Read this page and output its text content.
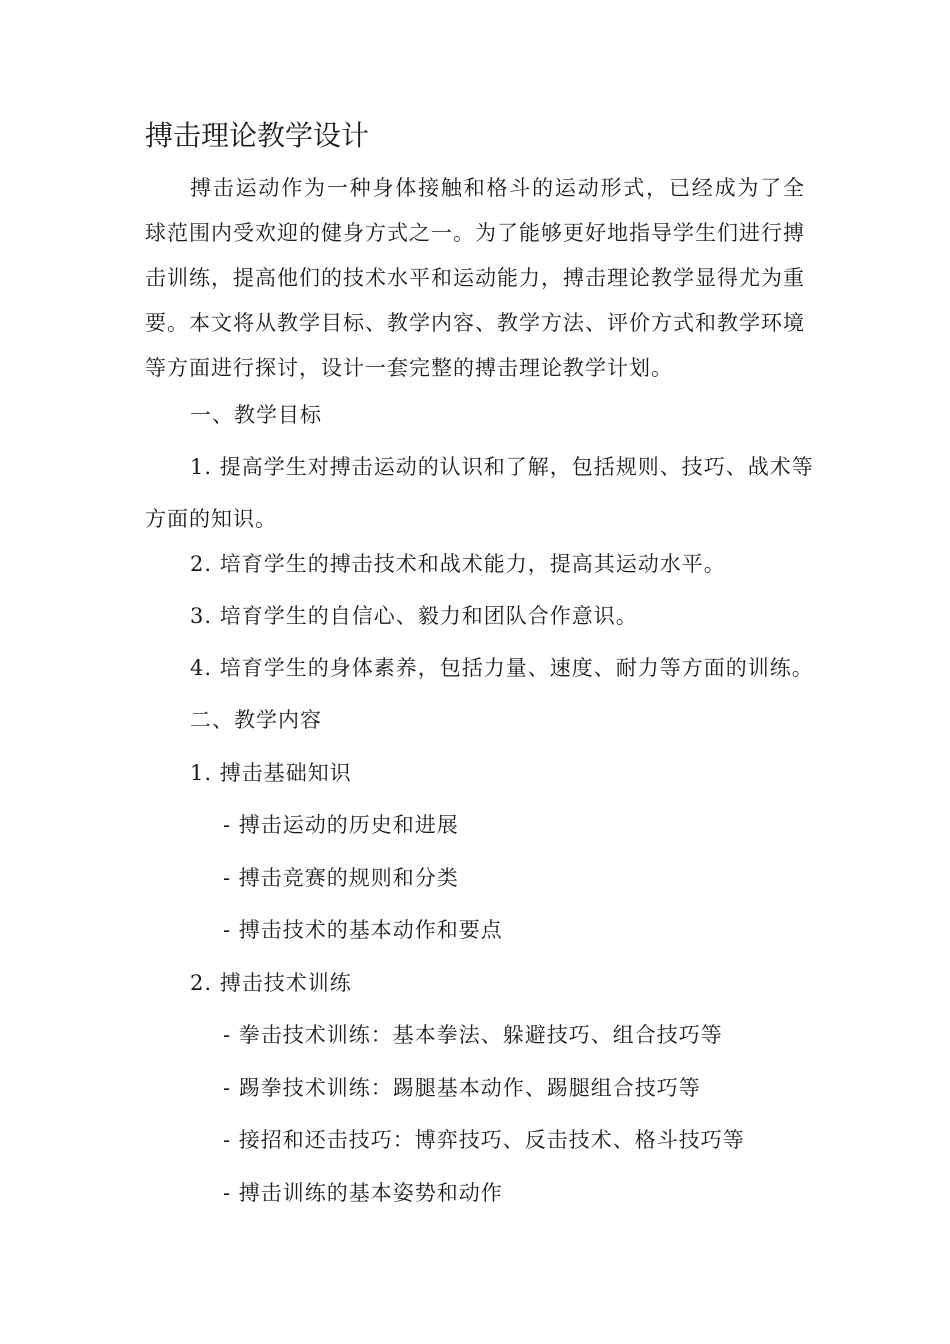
搏击理论教学设计

搏击运动作为一种身体接触和格斗的运动形式，已经成为了全球范围内受欢迎的健身方式之一。为了能够更好地指导学生们进行搏击训练，提高他们的技术水平和运动能力，搏击理论教学显得尤为重要。本文将从教学目标、教学内容、教学方法、评价方式和教学环境等方面进行探讨，设计一套完整的搏击理论教学计划。

一、教学目标

1. 提高学生对搏击运动的认识和了解，包括规则、技巧、战术等方面的知识。

2. 培育学生的搏击技术和战术能力，提高其运动水平。
3. 培育学生的自信心、毅力和团队合作意识。
4. 培育学生的身体素养，包括力量、速度、耐力等方面的训练。
二、教学内容
1. 搏击基础知识
- 搏击运动的历史和进展
- 搏击竞赛的规则和分类
- 搏击技术的基本动作和要点
2. 搏击技术训练
- 拳击技术训练：基本拳法、躲避技巧、组合技巧等
- 踢拳技术训练：踢腿基本动作、踢腿组合技巧等
- 接招和还击技巧：博弈技巧、反击技术、格斗技巧等
- 搏击训练的基本姿势和动作
